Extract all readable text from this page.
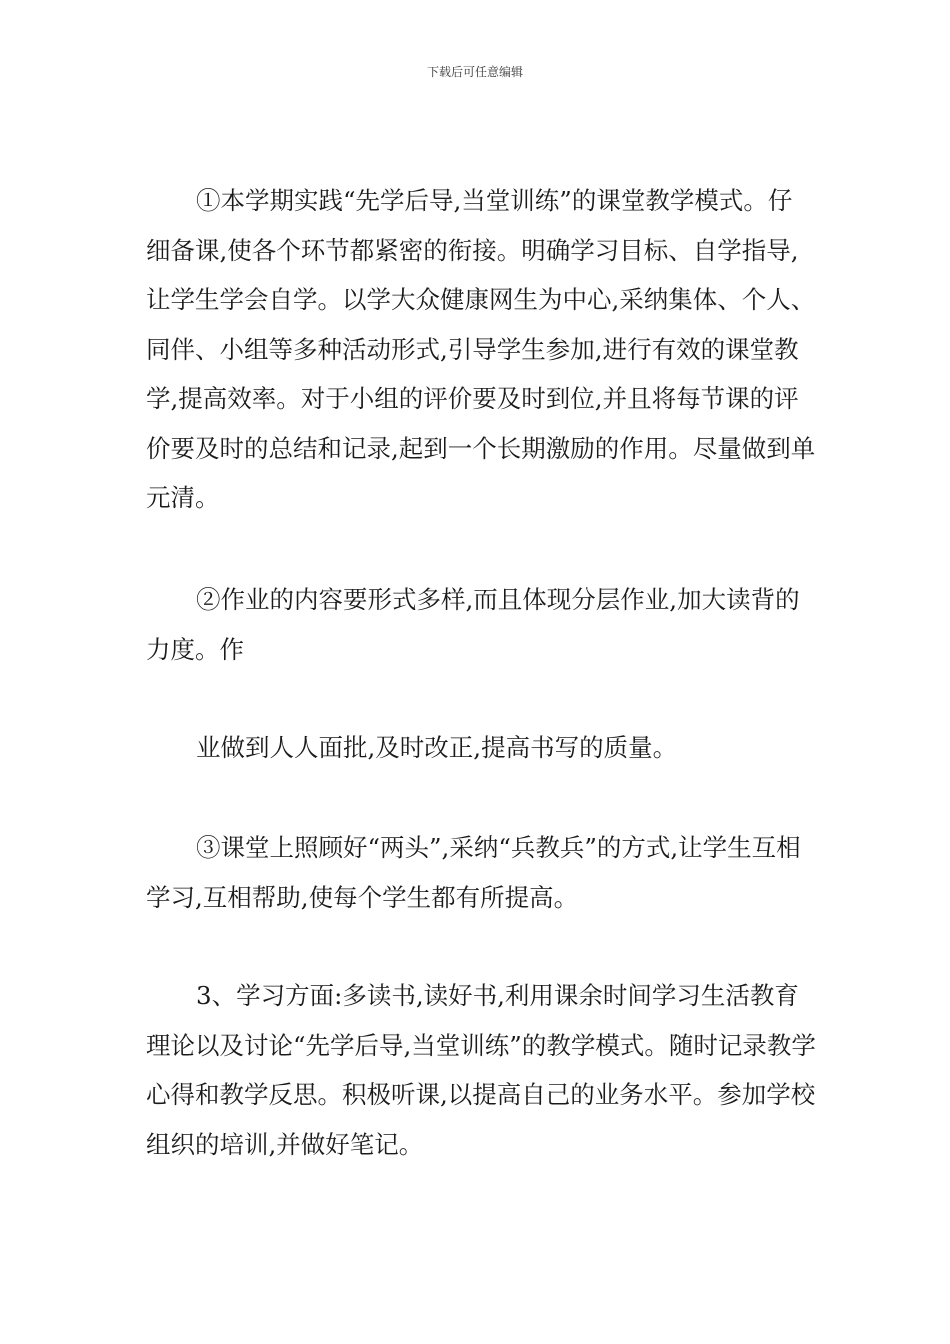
下载后可任意编辑

①本学期实践“先学后导,当堂训练”的课堂教学模式。仔细备课,使各个环节都紧密的衔接。明确学习目标、自学指导,让学生学会自学。以学大众健康网生为中心,采纳集体、个人、同伴、小组等多种活动形式,引导学生参加,进行有效的课堂教学,提高效率。对于小组的评价要及时到位,并且将每节课的评价要及时的总结和记录,起到一个长期激励的作用。尽量做到单元清。

②作业的内容要形式多样,而且体现分层作业,加大读背的力度。作

业做到人人面批,及时改正,提高书写的质量。

③课堂上照顾好“两头”,采纳“兵教兵”的方式,让学生互相学习,互相帮助,使每个学生都有所提高。

3、学习方面:多读书,读好书,利用课余时间学习生活教育理论以及讨论“先学后导,当堂训练”的教学模式。随时记录教学心得和教学反思。积极听课,以提高自己的业务水平。参加学校组织的培训,并做好笔记。
